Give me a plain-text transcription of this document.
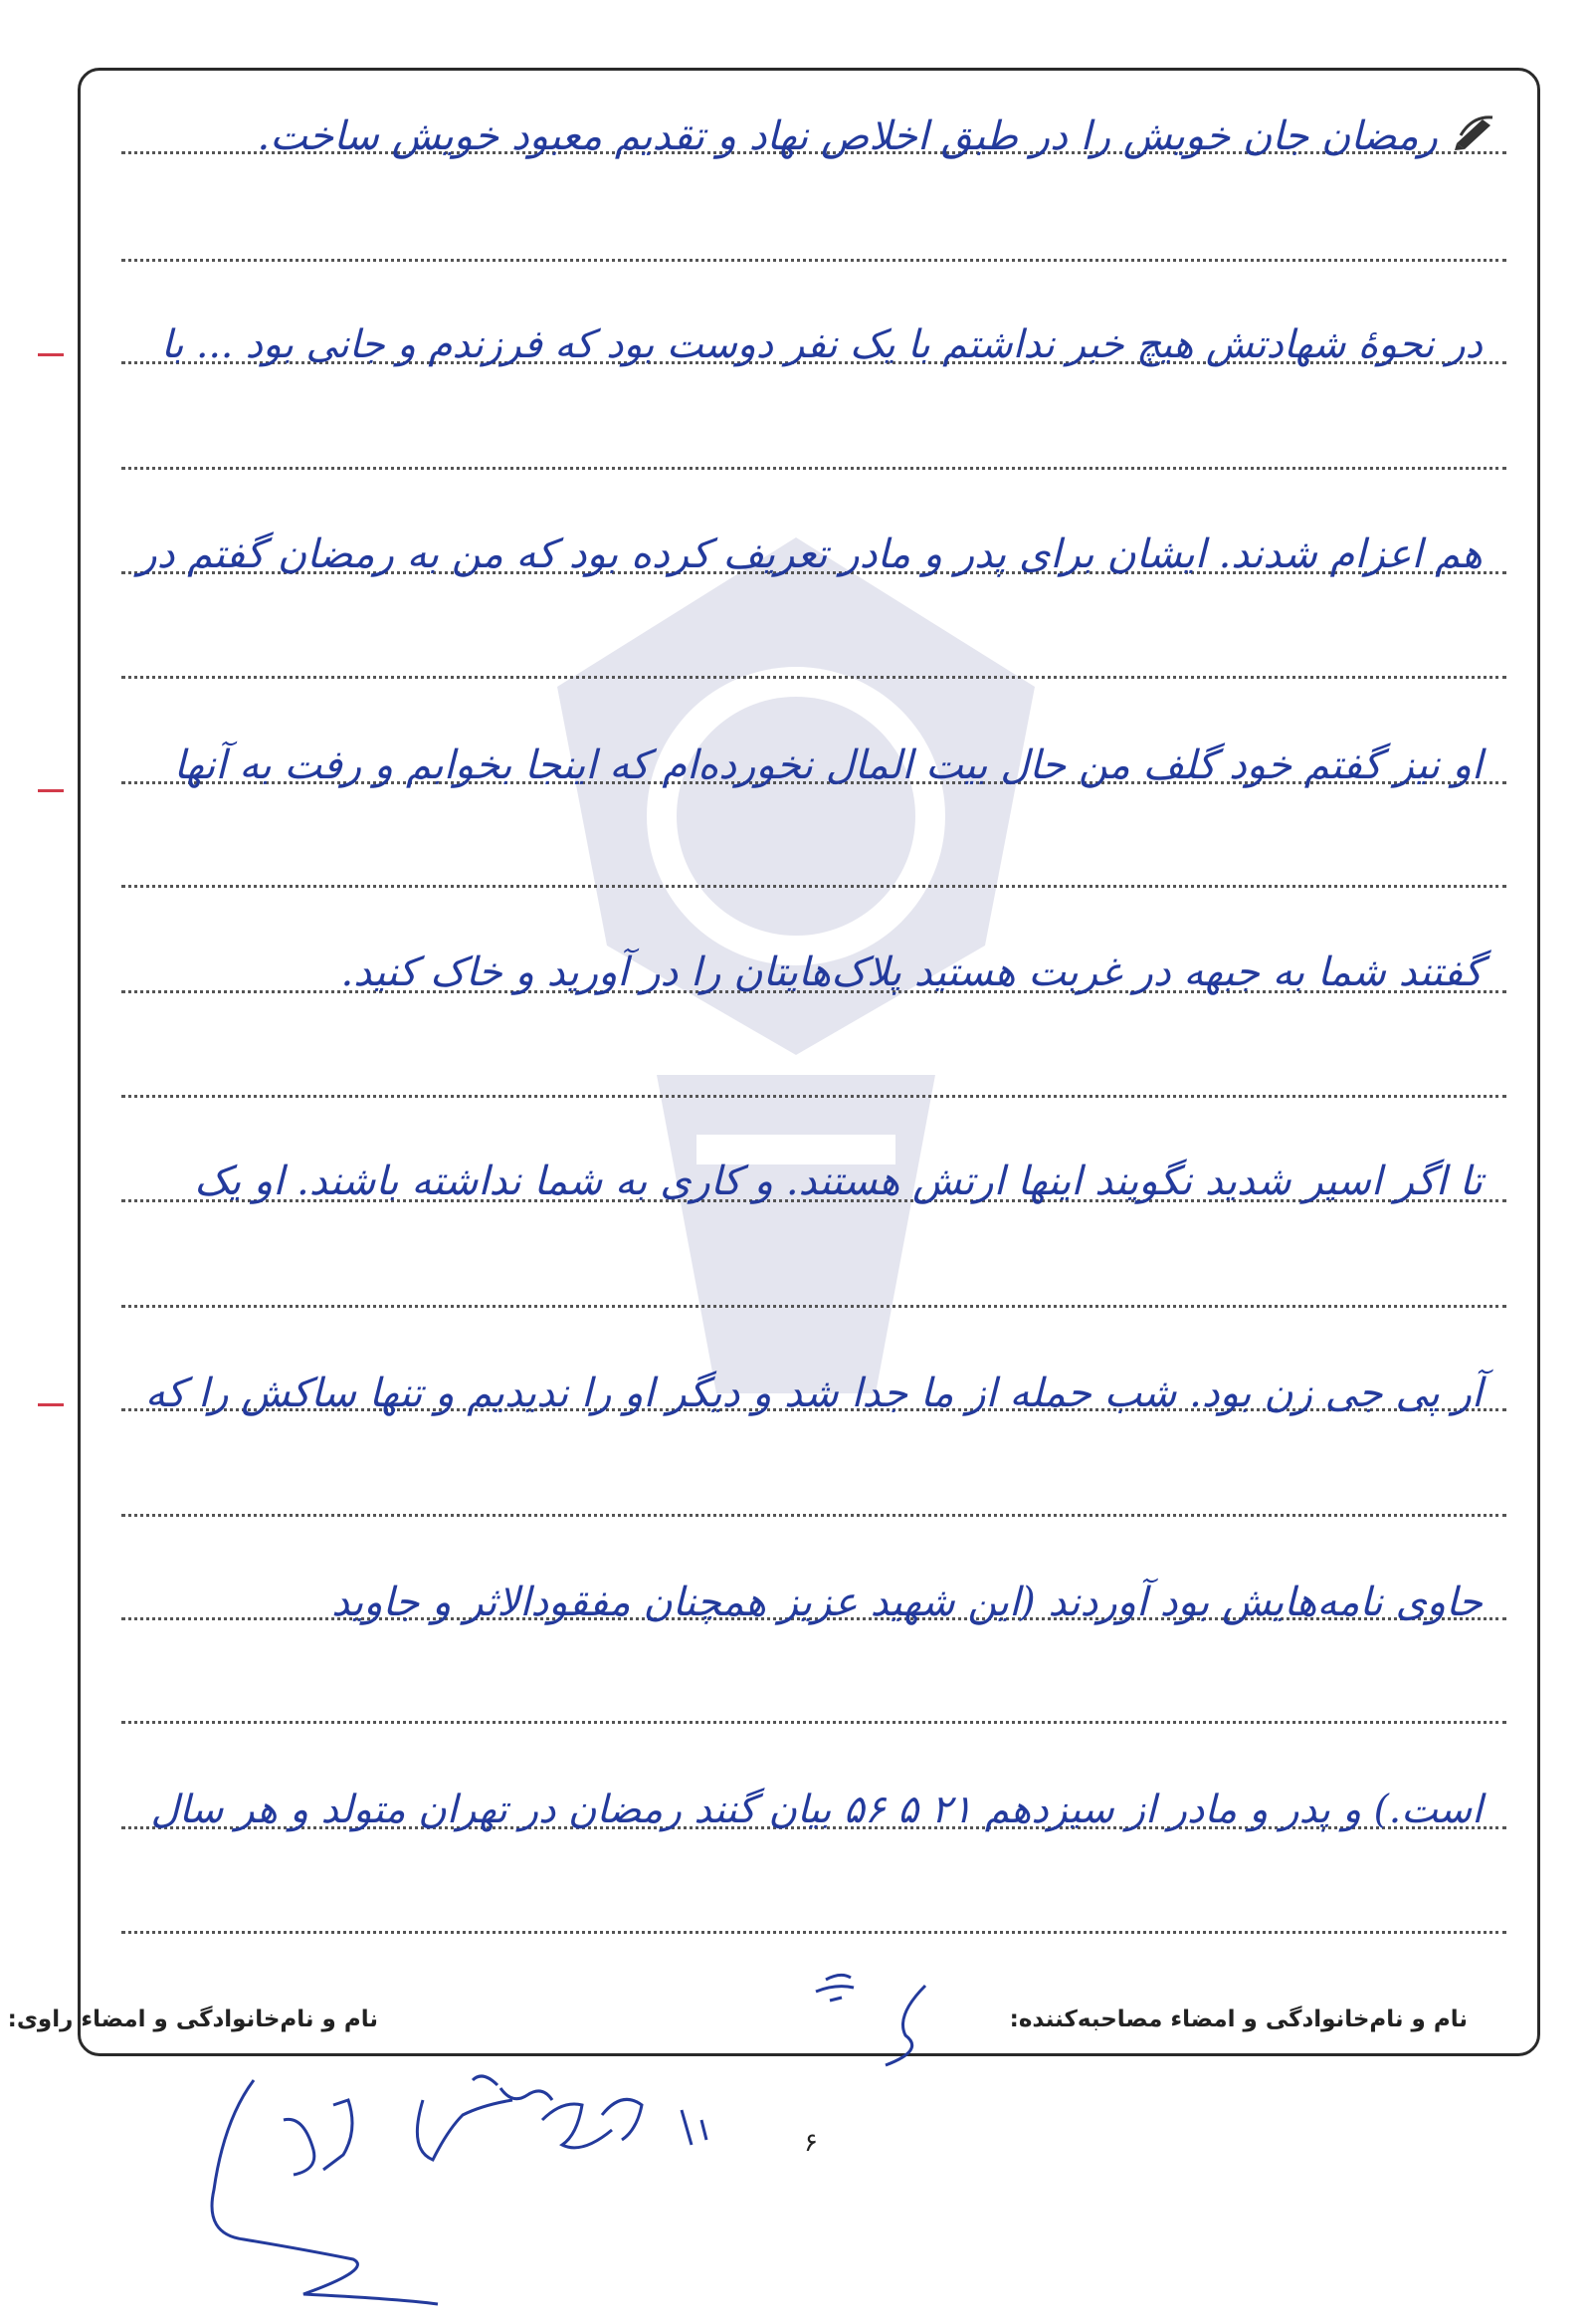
رمضان جان خویش را در طبق اخلاص نهاد و تقدیم معبود خویش ساخت.
در نحوهٔ شهادتش هیچ خبر نداشتم با یک نفر دوست بود که فرزندم و جانی بود ... با
هم اعزام شدند. ایشان برای پدر و مادر تعریف کرده بود که من به رمضان گفتم در
او نیز گفتم خود گلف من حال بیت المال نخورده‌ام که اینجا بخوابم و رفت به آنها
گفتند شما به جبهه در غربت هستید پلاک‌هایتان را در آورید و خاک کنید.
تا اگر اسیر شدید نگویند اینها ارتش هستند. و کاری به شما نداشته باشند. او یک
آر پی جی زن بود. شب حمله از ما جدا شد و دیگر او را ندیدیم و تنها ساکش را که
حاوی نامه‌هایش بود آوردند (این شهید عزیز همچنان مفقودالاثر و جاوید
است.) و پدر و مادر از سیزدهم ۲۱ ۵ ۵۶ بیان گنند رمضان در تهران متولد و هر سال
نام و نام‌خانوادگی و امضاء مصاحبه‌کننده:
نام و نام‌خانوادگی و امضاء راوی:
۶
